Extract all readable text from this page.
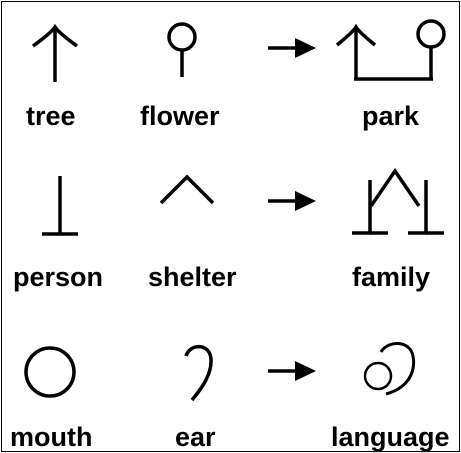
tree flower	park
person shelter	family
mouth	ear	language
